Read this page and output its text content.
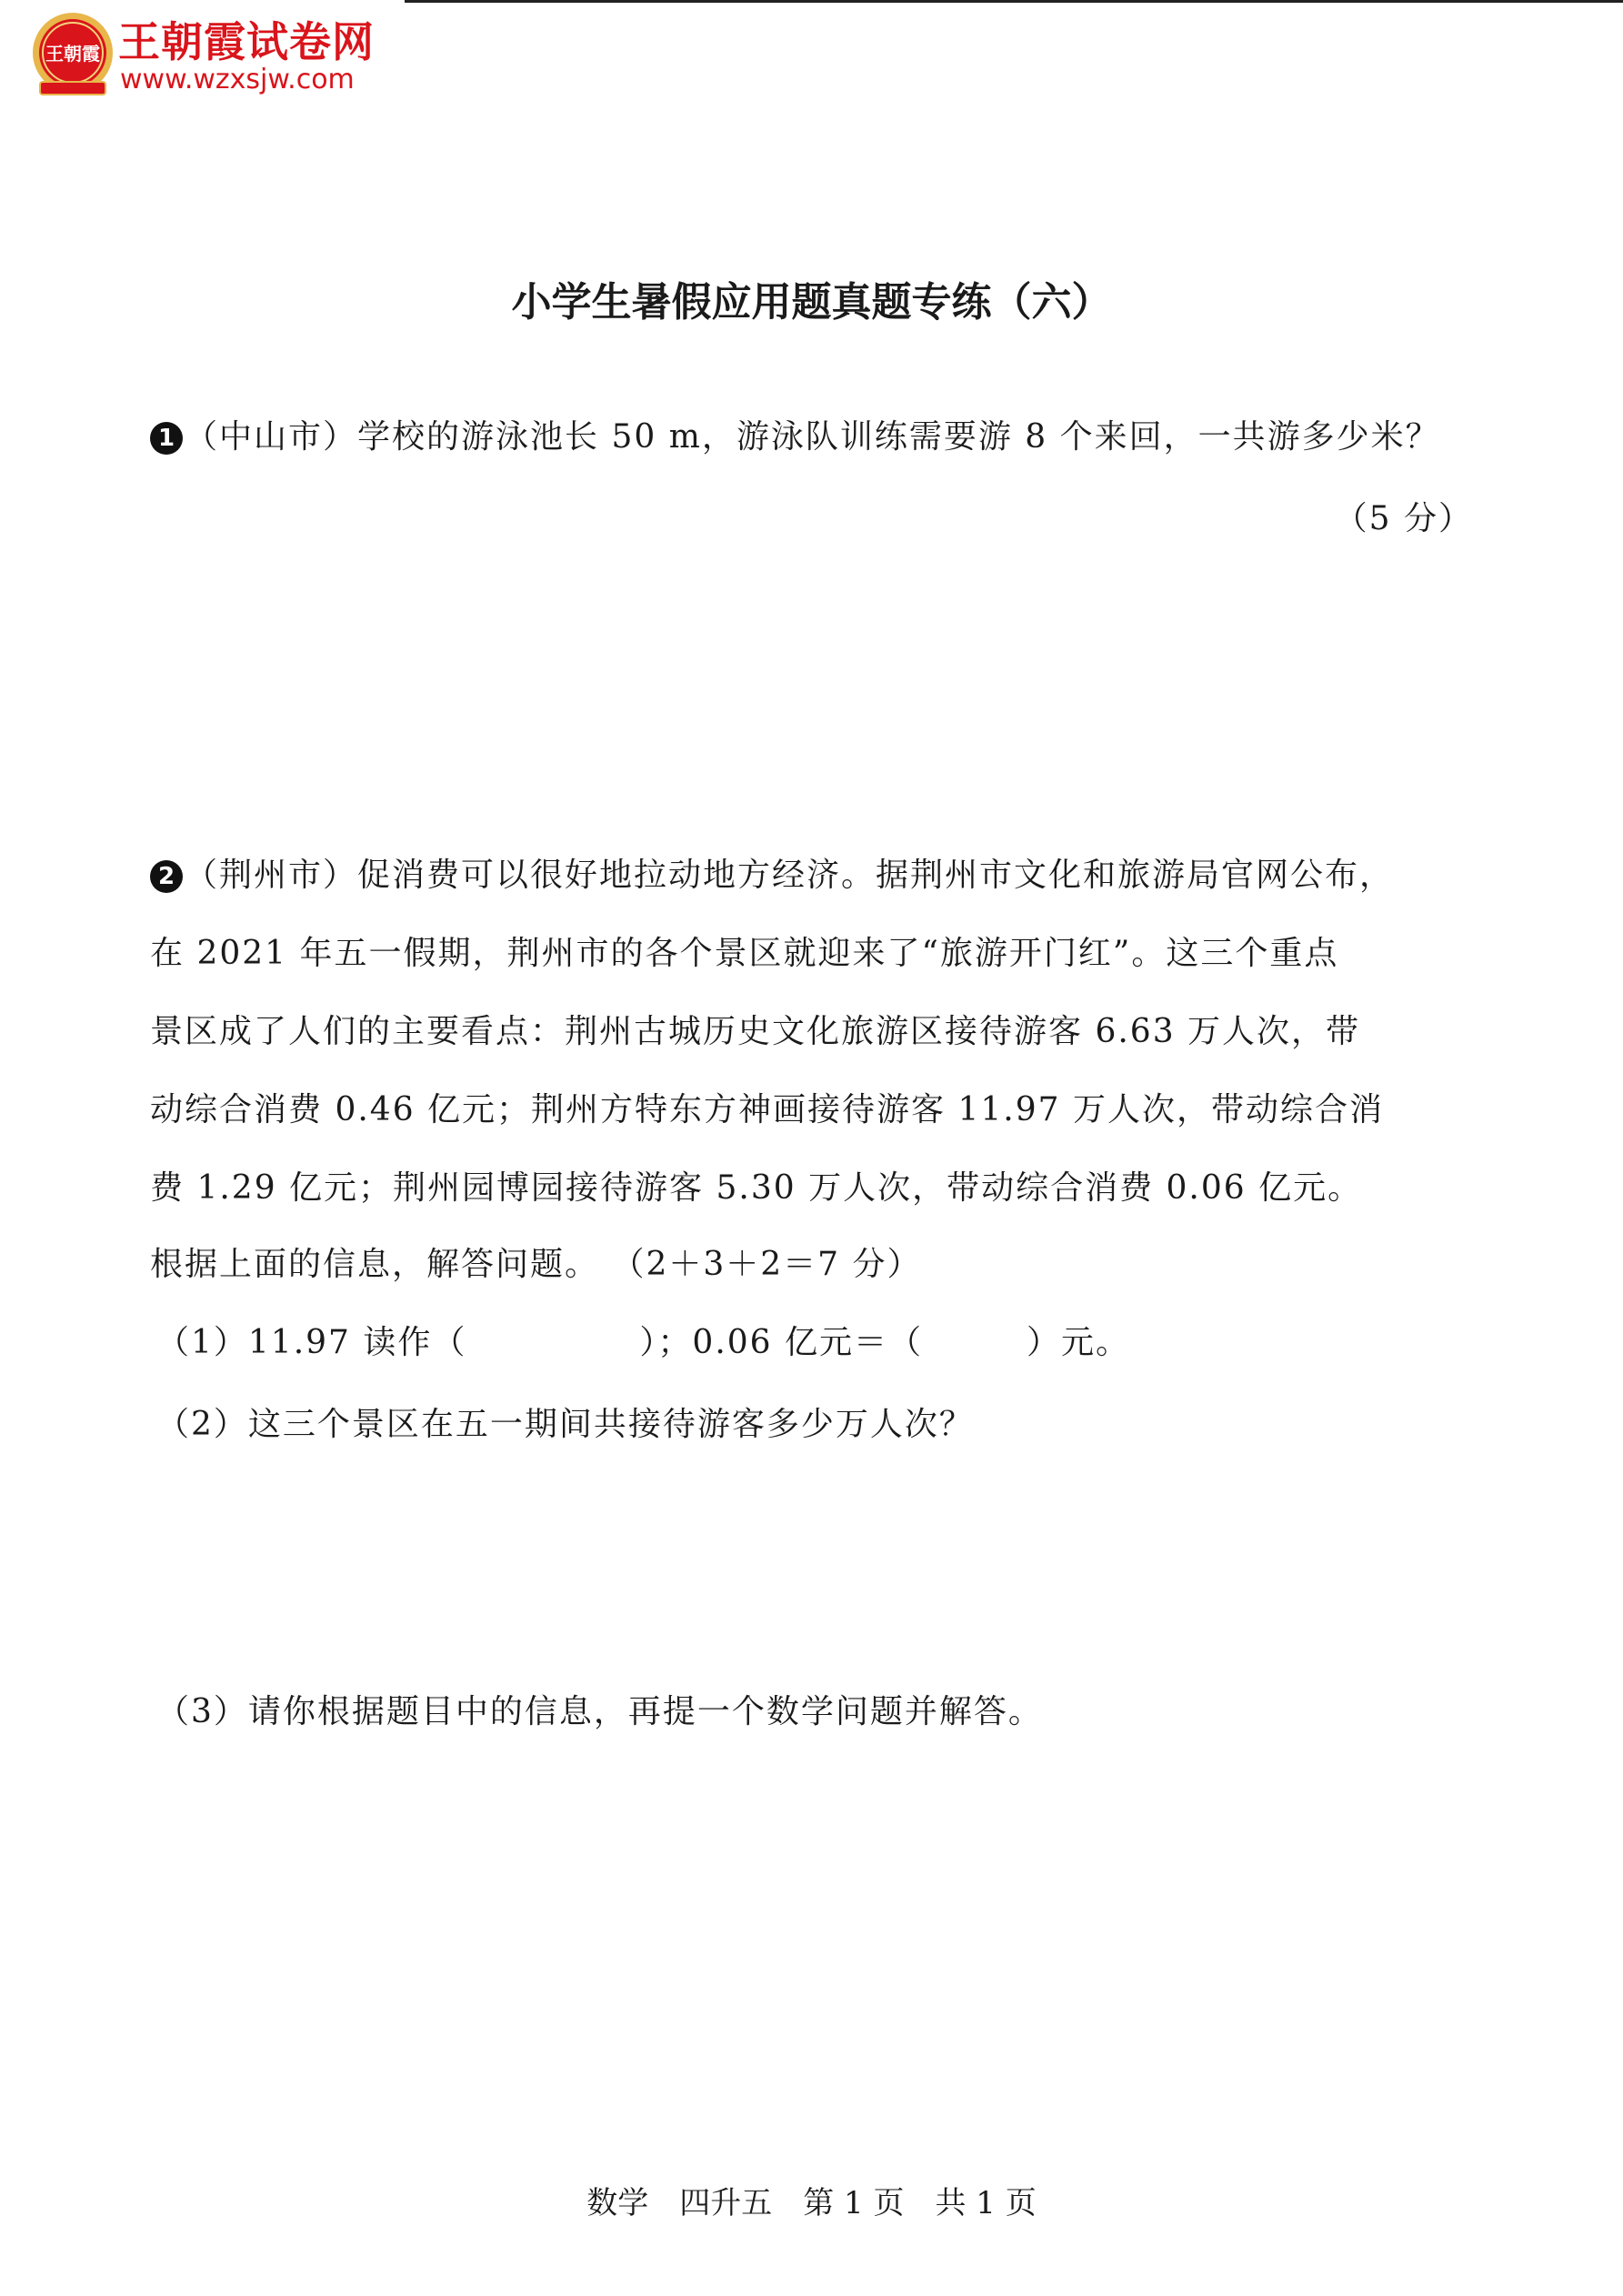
王朝霞 王朝霞试卷网
www.wzxsjw.com
小学生暑假应用题真题专练（六）
1 （中山市）学校的游泳池长 50 m，游泳队训练需要游 8 个来回，一共游多少米？
（5 分）
2 （荆州市）促消费可以很好地拉动地方经济。据荆州市文化和旅游局官网公布，
在 2021 年五一假期，荆州市的各个景区就迎来了“旅游开门红”。这三个重点
景区成了人们的主要看点：荆州古城历史文化旅游区接待游客 6.63 万人次，带
动综合消费 0.46 亿元；荆州方特东方神画接待游客 11.97 万人次，带动综合消
费 1.29 亿元；荆州园博园接待游客 5.30 万人次，带动综合消费 0.06 亿元。
根据上面的信息，解答问题。 （2＋3＋2＝7 分）
（1）11.97 读作（　　　　　）；0.06 亿元＝（　　　）元。
（2）这三个景区在五一期间共接待游客多少万人次？
（3）请你根据题目中的信息，再提一个数学问题并解答。
数学　四升五　第 1 页　共 1 页
